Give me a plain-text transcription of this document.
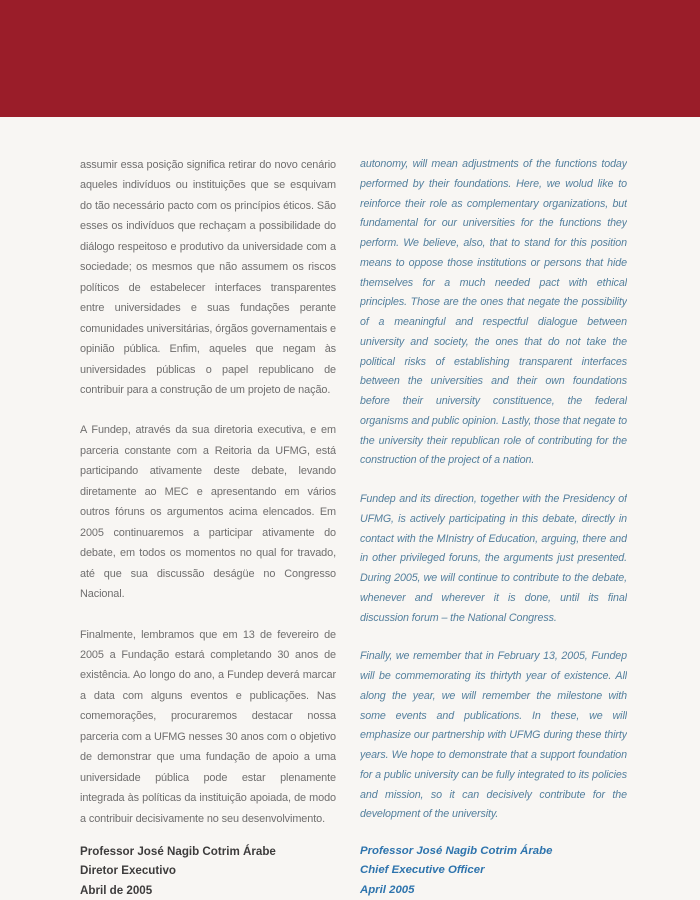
assumir essa posição significa retirar do novo cenário aqueles indivíduos ou instituições que se esquivam do tão necessário pacto com os princípios éticos. São esses os indivíduos que rechaçam a possibilidade do diálogo respeitoso e produtivo da universidade com a sociedade; os mesmos que não assumem os riscos políticos de estabelecer interfaces transparentes entre universidades e suas fundações perante comunidades universitárias, órgãos governamentais e opinião pública. Enfim, aqueles que negam às universidades públicas o papel republicano de contribuir para a construção de um projeto de nação.

A Fundep, através da sua diretoria executiva, e em parceria constante com a Reitoria da UFMG, está participando ativamente deste debate, levando diretamente ao MEC e apresentando em vários outros fóruns os argumentos acima elencados. Em 2005 continuaremos a participar ativamente do debate, em todos os momentos no qual for travado, até que sua discussão deságüe no Congresso Nacional.

Finalmente, lembramos que em 13 de fevereiro de 2005 a Fundação estará completando 30 anos de existência. Ao longo do ano, a Fundep deverá marcar a data com alguns eventos e publicações. Nas comemorações, procuraremos destacar nossa parceria com a UFMG nesses 30 anos com o objetivo de demonstrar que uma fundação de apoio a uma universidade pública pode estar plenamente integrada às políticas da instituição apoiada, de modo a contribuir decisivamente no seu desenvolvimento.

autonomy, will mean adjustments of the functions today performed by their foundations. Here, we wolud like to reinforce their role as complementary organizations, but fundamental for our universities for the functions they perform. We believe, also, that to stand for this position means to oppose those institutions or persons that hide themselves for a much needed pact with ethical principles. Those are the ones that negate the possibility of a meaningful and respectful dialogue between university and society, the ones that do not take the political risks of establishing transparent interfaces between the universities and their own foundations before their university constituence, the federal organisms and public opinion. Lastly, those that negate to the university their republican role of contributing for the construction of the project of a nation.

Fundep and its direction, together with the Presidency of UFMG, is actively participating in this debate, directly in contact with the MInistry of Education, arguing, there and in other privileged foruns, the arguments just presented. During 2005, we will continue to contribute to the debate, whenever and wherever it is done, until its final discussion forum – the National Congress.

Finally, we remember that in February 13, 2005, Fundep will be commemorating its thirtyth year of existence. All along the year, we will remember the milestone with some events and publications. In these, we will emphasize our partnership with UFMG during these thirty years. We hope to demonstrate that a support foundation for a public university can be fully integrated to its policies and mission, so it can decisively contribute for the development of the university.

Professor José Nagib Cotrim Árabe
Diretor Executivo
Abril de 2005
Professor José Nagib Cotrim Árabe
Chief Executive Officer
April 2005
